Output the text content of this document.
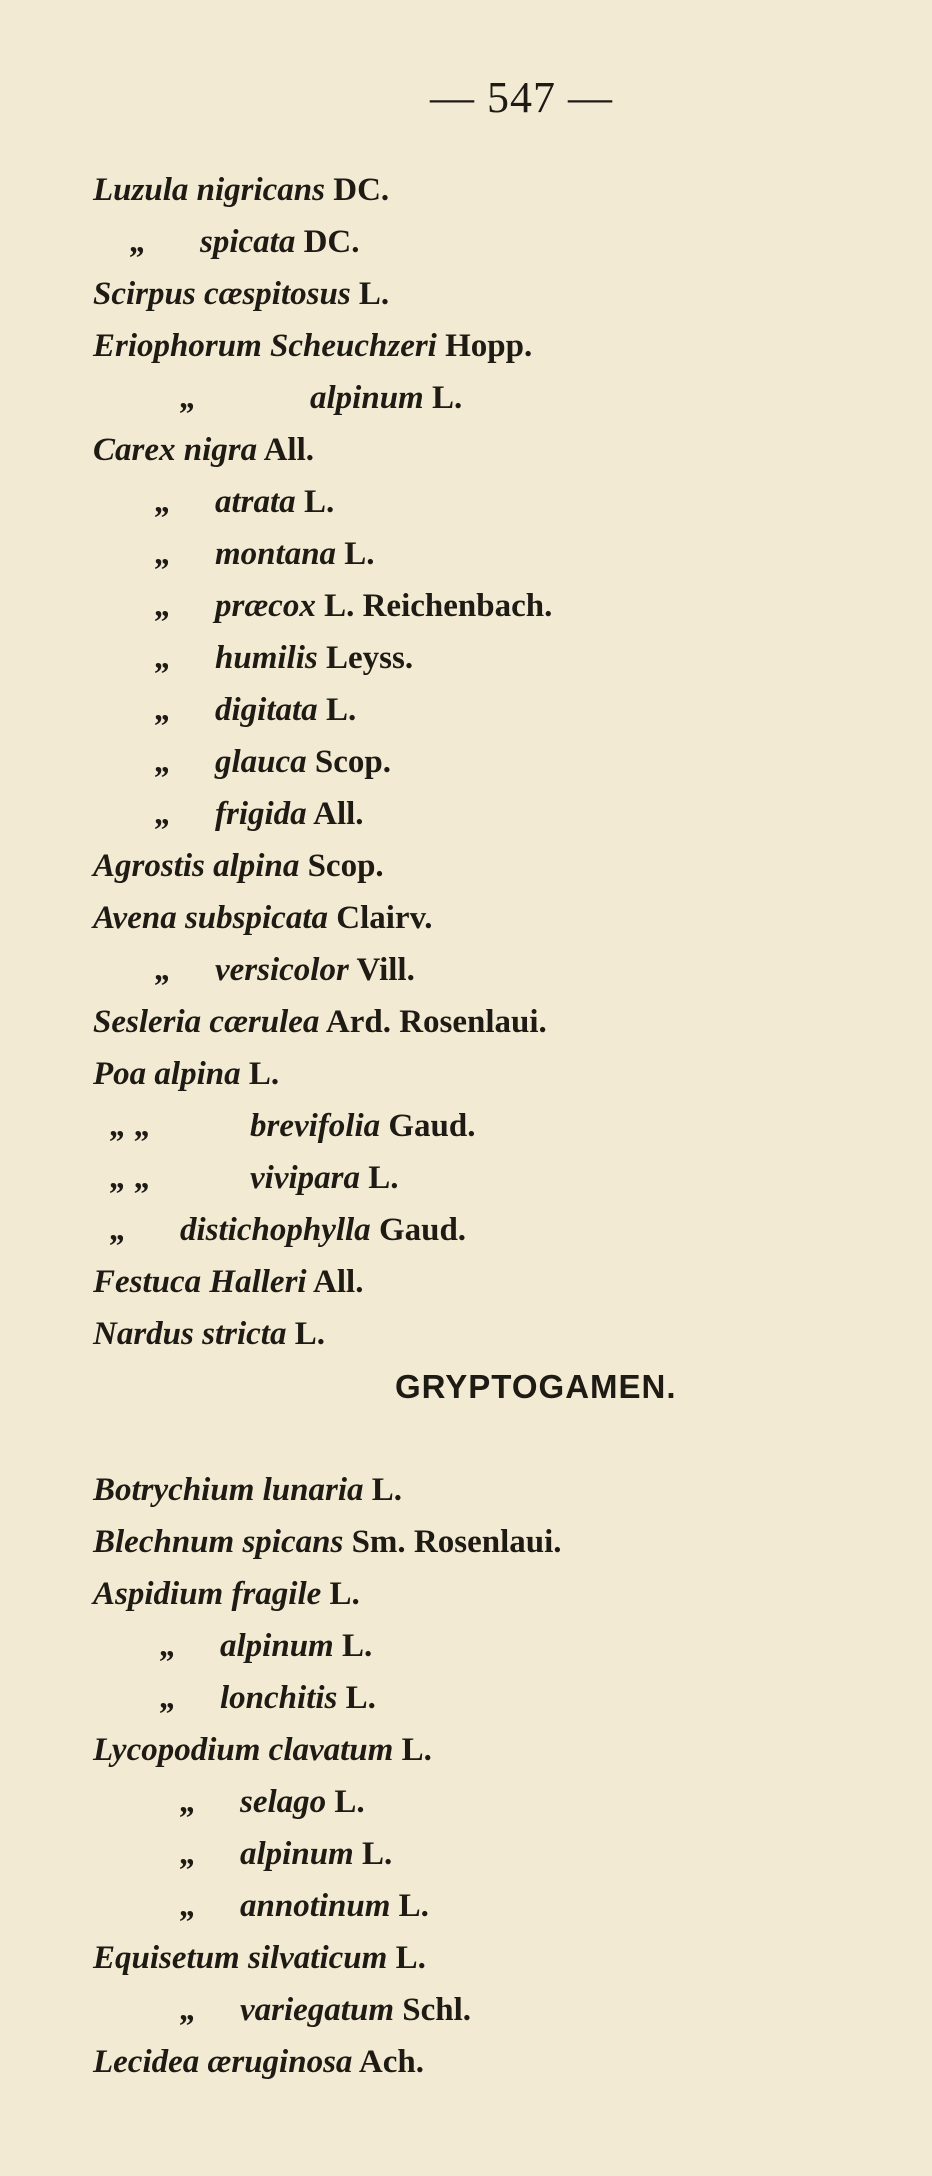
— 547 —
Luzula nigricans DC.
„ spicata DC.
Scirpus cæspitosus L.
Eriophorum Scheuchzeri Hopp.
„	alpinum L.
Carex nigra All.
„ atrata L.
„ montana L.
„ præcox L. Reichenbach.
„ humilis Leyss.
„ digitata L.
„ glauca Scop.
„ frigida All.
Agrostis alpina Scop.
Avena subspicata Clairv.
„ versicolor Vill.
Sesleria cærulea Ard. Rosenlaui.
Poa alpina L.
„ „	brevifolia Gaud.
„ „	vivipara L.
„ distichophylla Gaud.
Festuca Halleri All.
Nardus stricta L.
GRYPTOGAMEN.
Botrychium lunaria L.
Blechnum spicans Sm. Rosenlaui.
Aspidium fragile L.
„ alpinum L.
„ lonchitis L.
Lycopodium clavatum L.
„ selago L.
„ alpinum L.
„ annotinum L.
Equisetum silvaticum L.
„ variegatum Schl.
Lecidea æruginosa Ach.
